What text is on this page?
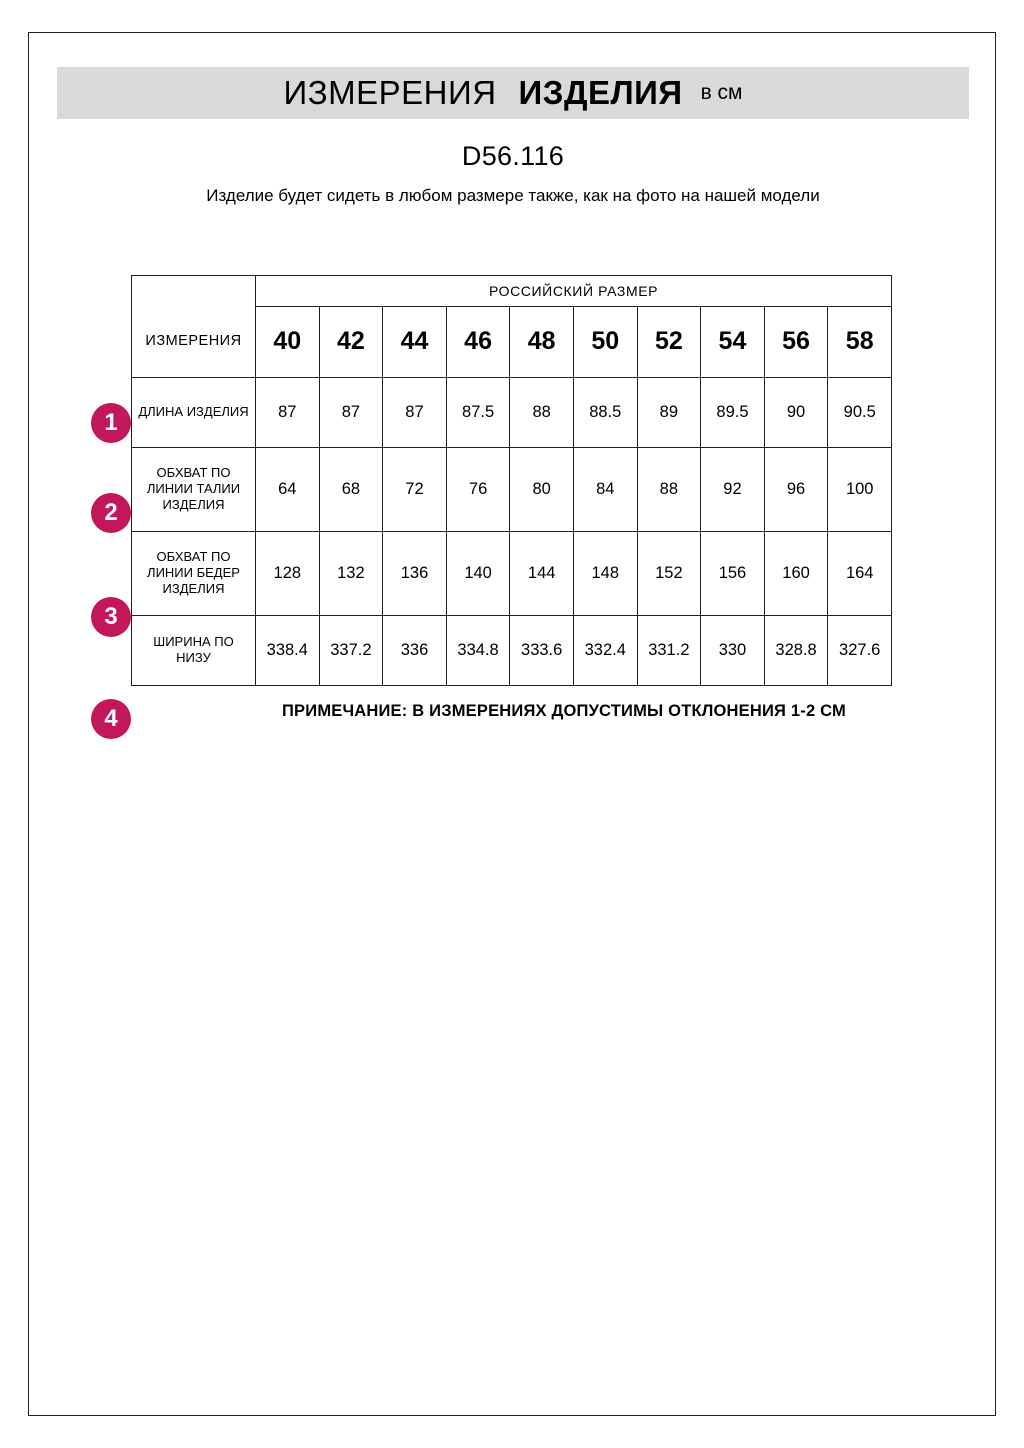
ИЗМЕРЕНИЯ ИЗДЕЛИЯ в см
D56.116
Изделие будет сидеть в любом размере также, как на фото на нашей модели
1
2
3
4
	РОССИЙСКИЙ РАЗМЕР									
ИЗМЕРЕНИЯ	40	42	44	46	48	50	52	54	56	58
ДЛИНА ИЗДЕЛИЯ	87	87	87	87.5	88	88.5	89	89.5	90	90.5
ОБХВАТ ПО ЛИНИИ ТАЛИИ ИЗДЕЛИЯ	64	68	72	76	80	84	88	92	96	100
ОБХВАТ ПО ЛИНИИ БЕДЕР ИЗДЕЛИЯ	128	132	136	140	144	148	152	156	160	164
ШИРИНА ПО НИЗУ	338.4	337.2	336	334.8	333.6	332.4	331.2	330	328.8	327.6
ПРИМЕЧАНИЕ: В ИЗМЕРЕНИЯХ ДОПУСТИМЫ ОТКЛОНЕНИЯ 1-2 СМ
